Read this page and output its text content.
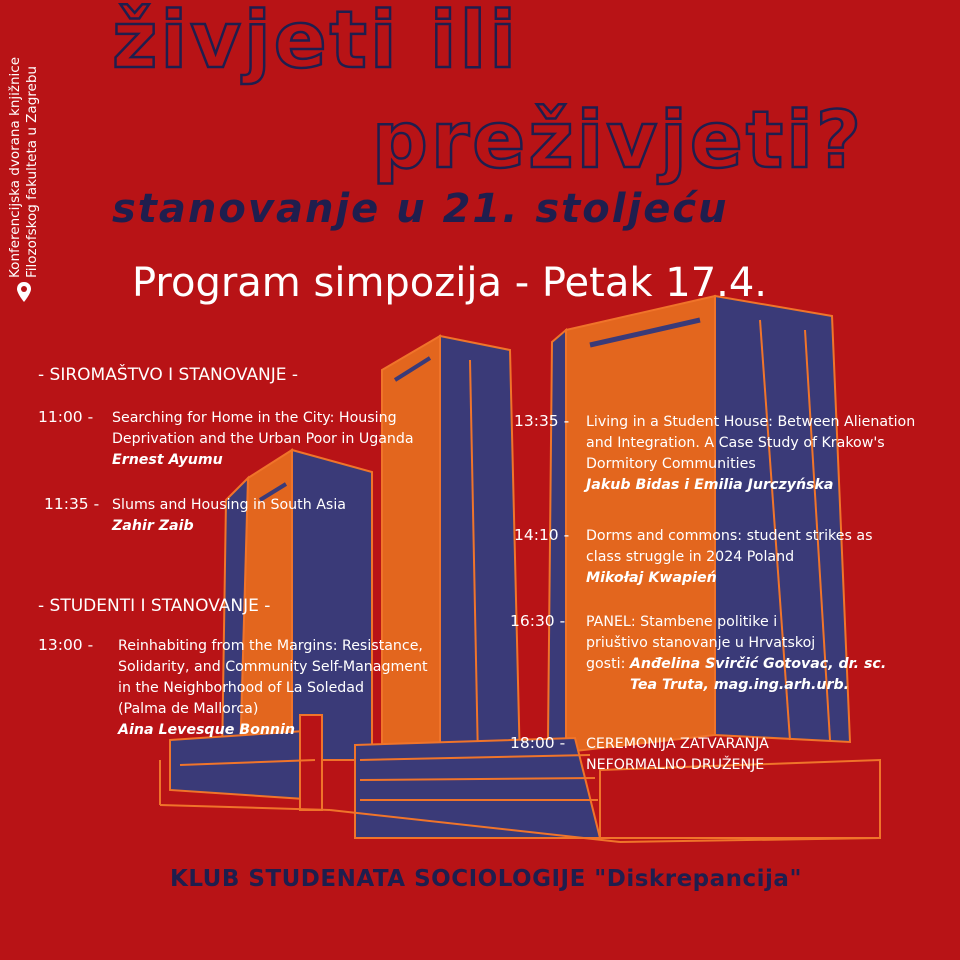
Konferencijska dvorana knjižnice Filozofskog fakulteta u Zagrebu
živjeti ili
preživjeti?
stanovanje u 21. stoljeću
Program simpozija - Petak 17.4.
- SIROMAŠTVO I STANOVANJE -
- STUDENTI I STANOVANJE -
11:00 - Searching for Home in the City: Housing
Deprivation and the Urban Poor in Uganda
Ernest Ayumu
11:35 - Slums and Housing in South Asia
Zahir Zaib
13:00 - Reinhabiting from the Margins: Resistance,
Solidarity, and Community Self-Managment
in the Neighborhood of La Soledad
(Palma de Mallorca)
Aina Levesque Bonnin
13:35 - Living in a Student House: Between Alienation
and Integration. A Case Study of Krakow's
Dormitory Communities
Jakub Bidas i Emilia Jurczyńska
14:10 - Dorms and commons: student strikes as
class struggle in 2024 Poland
Mikołaj Kwapień
16:30 - PANEL: Stambene politike i
priuštivo stanovanje u Hrvatskoj
gosti: Anđelina Svirčić Gotovac, dr. sc.
Tea Truta, mag.ing.arh.urb.
18:00 - CEREMONIJA ZATVARANJA
NEFORMALNO DRUŽENJE
KLUB STUDENATA SOCIOLOGIJE "Diskrepancija"
